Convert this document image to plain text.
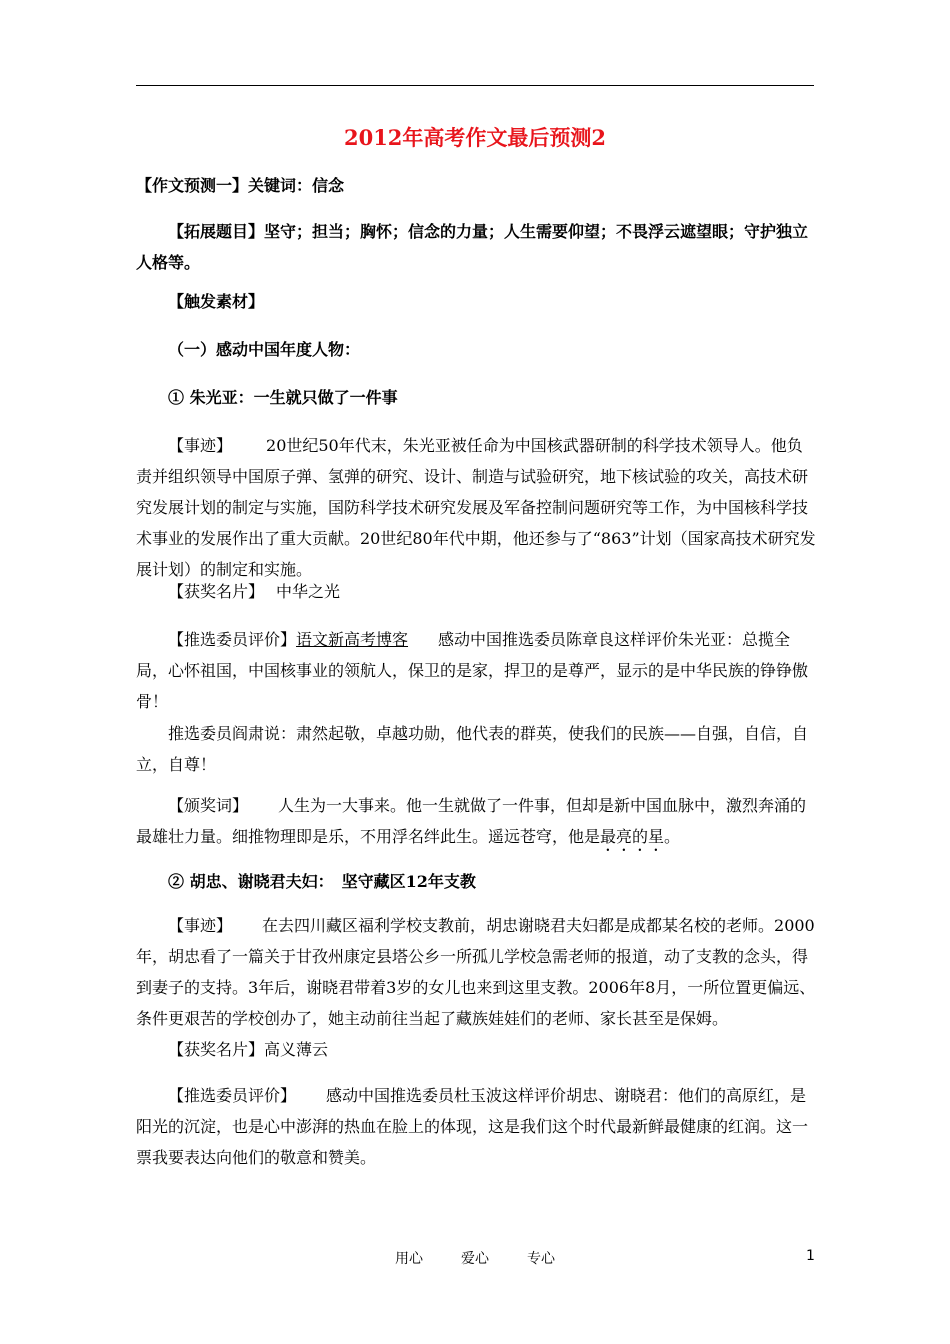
2012年高考作文最后预测2
【作文预测一】关键词：信念
【拓展题目】坚守；担当；胸怀；信念的力量；人生需要仰望；不畏浮云遮望眼；守护独立人格等。
【触发素材】
（一）感动中国年度人物：
① 朱光亚：一生就只做了一件事
【事迹】 20世纪50年代末，朱光亚被任命为中国核武器研制的科学技术领导人。他负责并组织领导中国原子弹、氢弹的研究、设计、制造与试验研究，地下核试验的攻关，高技术研究发展计划的制定与实施，国防科学技术研究发展及军备控制问题研究等工作，为中国核科学技术事业的发展作出了重大贡献。20世纪80年代中期，他还参与了“863”计划（国家高技术研究发展计划）的制定和实施。
【获奖名片】 中华之光
【推选委员评价】语文新高考博客 感动中国推选委员陈章良这样评价朱光亚：总揽全局，心怀祖国，中国核事业的领航人，保卫的是家，捍卫的是尊严，显示的是中华民族的铮铮傲骨！
推选委员阎肃说：肃然起敬，卓越功勋，他代表的群英，使我们的民族——自强，自信，自立，自尊！
【颁奖词】 人生为一大事来。他一生就做了一件事，但却是新中国血脉中，激烈奔涌的最雄壮力量。细推物理即是乐，不用浮名绊此生。遥远苍穹，他是最亮的星。
② 胡忠、谢晓君夫妇：　坚守藏区12年支教
【事迹】 在去四川藏区福利学校支教前，胡忠谢晓君夫妇都是成都某名校的老师。2000年，胡忠看了一篇关于甘孜州康定县塔公乡一所孤儿学校急需老师的报道，动了支教的念头，得到妻子的支持。3年后，谢晓君带着3岁的女儿也来到这里支教。2006年8月，一所位置更偏远、条件更艰苦的学校创办了，她主动前往当起了藏族娃娃们的老师、家长甚至是保姆。
【获奖名片】高义薄云
【推选委员评价】 感动中国推选委员杜玉波这样评价胡忠、谢晓君：他们的高原红，是阳光的沉淀，也是心中澎湃的热血在脸上的体现，这是我们这个时代最新鲜最健康的红润。这一票我要表达向他们的敬意和赞美。
用心	爱心	专心	1
